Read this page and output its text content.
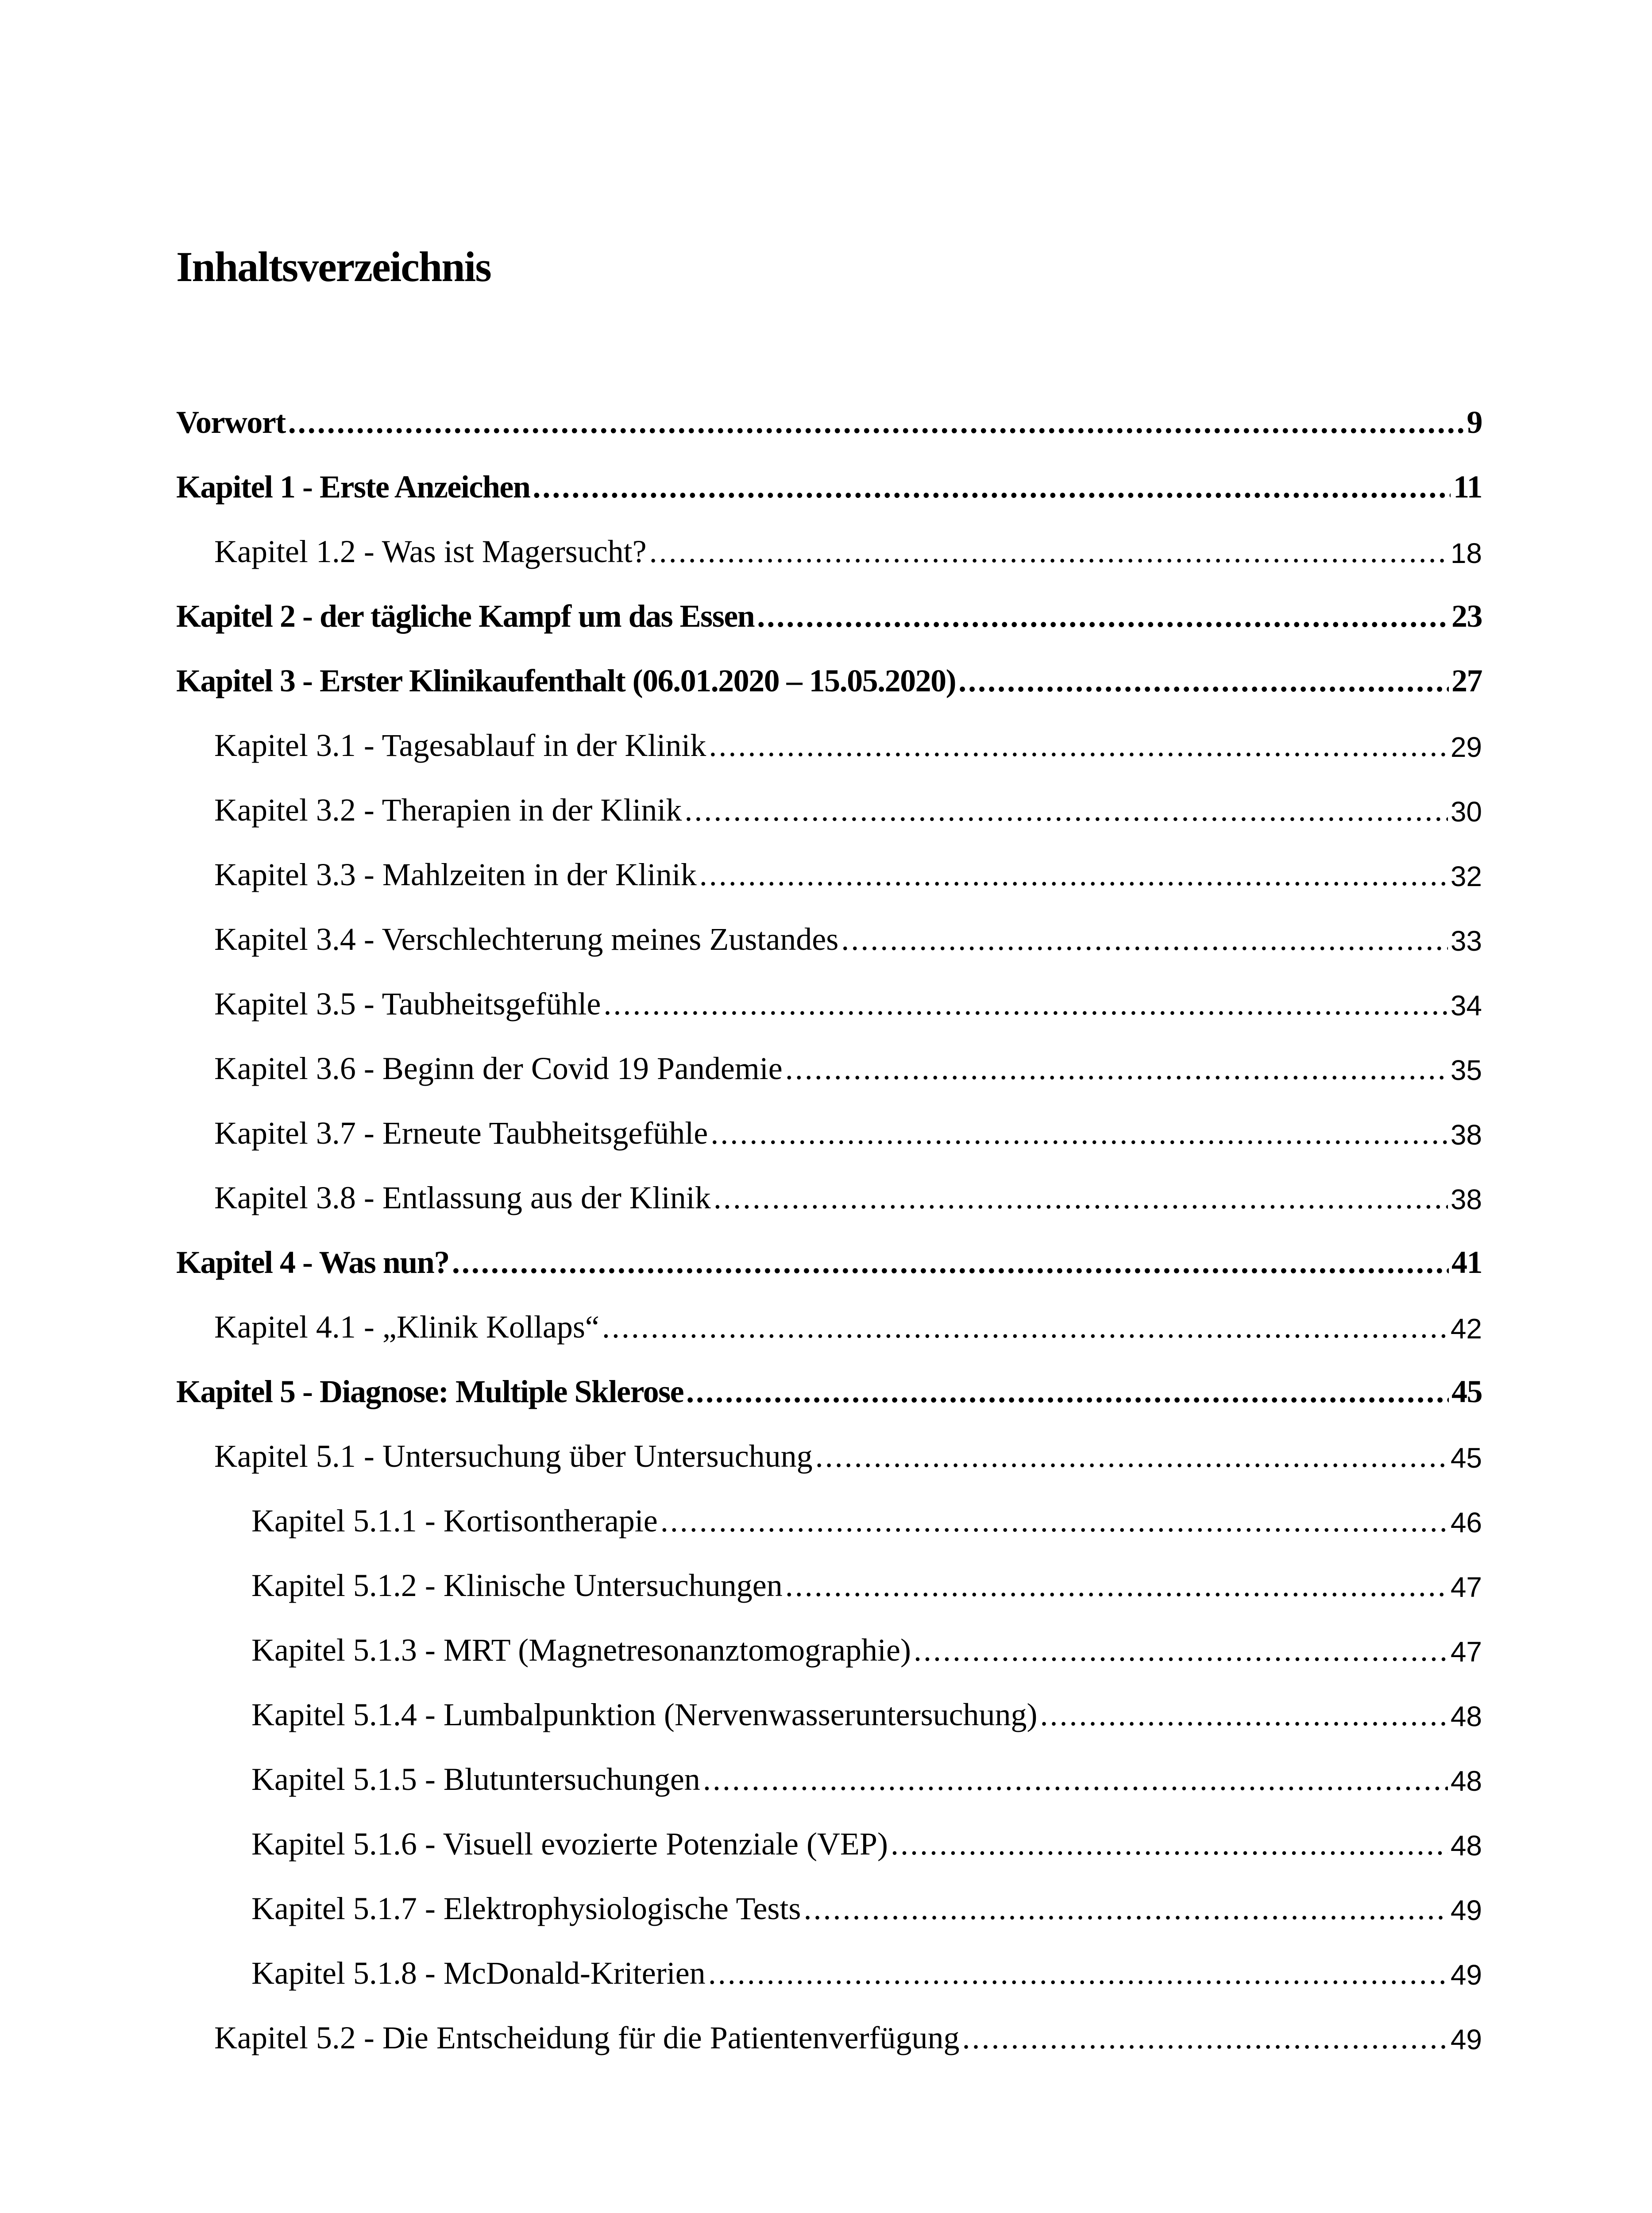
Inhaltsverzeichnis
Vorwort .....	9
Kapitel 1 - Erste Anzeichen .....	11
Kapitel 1.2 - Was ist Magersucht? .....	18
Kapitel 2 - der tägliche Kampf um das Essen .....	23
Kapitel 3 - Erster Klinikaufenthalt (06.01.2020 – 15.05.2020) .....	27
Kapitel 3.1 - Tagesablauf in der Klinik .....	29
Kapitel 3.2 - Therapien in der Klinik .....	30
Kapitel 3.3 - Mahlzeiten in der Klinik .....	32
Kapitel 3.4 - Verschlechterung meines Zustandes .....	33
Kapitel 3.5 - Taubheitsgefühle .....	34
Kapitel 3.6 - Beginn der Covid 19 Pandemie .....	35
Kapitel 3.7 - Erneute Taubheitsgefühle .....	38
Kapitel 3.8 - Entlassung aus der Klinik .....	38
Kapitel 4 - Was nun? .....	41
Kapitel 4.1 - „Klinik Kollaps“ .....	42
Kapitel 5 - Diagnose: Multiple Sklerose .....	45
Kapitel 5.1 - Untersuchung über Untersuchung .....	45
Kapitel 5.1.1 - Kortisontherapie .....	46
Kapitel 5.1.2 - Klinische Untersuchungen .....	47
Kapitel 5.1.3 - MRT (Magnetresonanztomographie) .....	47
Kapitel 5.1.4 - Lumbalpunktion (Nervenwasseruntersuchung) .....	48
Kapitel 5.1.5 - Blutuntersuchungen .....	48
Kapitel 5.1.6 - Visuell evozierte Potenziale (VEP) .....	48
Kapitel 5.1.7 - Elektrophysiologische Tests .....	49
Kapitel 5.1.8 - McDonald-Kriterien .....	49
Kapitel 5.2 - Die Entscheidung für die Patientenverfügung .....	49
